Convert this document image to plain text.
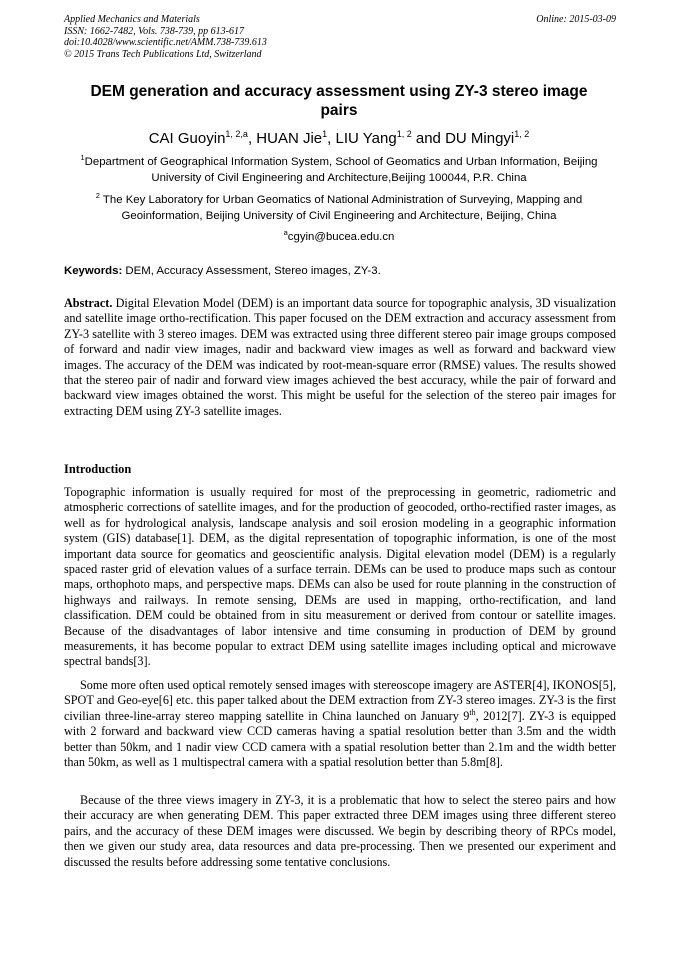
Applied Mechanics and Materials
ISSN: 1662-7482, Vols. 738-739, pp 613-617
doi:10.4028/www.scientific.net/AMM.738-739.613
© 2015 Trans Tech Publications Ltd, Switzerland
Online: 2015-03-09
DEM generation and accuracy assessment using ZY-3 stereo image pairs
CAI Guoyin$^{1, 2,a}$, HUAN Jie$^1$, LIU Yang$^{1, 2}$ and DU Mingyi$^{1, 2}$
$^1$Department of Geographical Information System, School of Geomatics and Urban Information, Beijing University of Civil Engineering and Architecture,Beijing 100044, P.R. China
$^2$ The Key Laboratory for Urban Geomatics of National Administration of Surveying, Mapping and Geoinformation, Beijing University of Civil Engineering and Architecture, Beijing, China
$^a$cgyin@bucea.edu.cn
Keywords: DEM, Accuracy Assessment, Stereo images, ZY-3.

Abstract. Digital Elevation Model (DEM) is an important data source for topographic analysis, 3D visualization and satellite image ortho-rectification. This paper focused on the DEM extraction and accuracy assessment from ZY-3 satellite with 3 stereo images. DEM was extracted using three different stereo pair image groups composed of forward and nadir view images, nadir and backward view images as well as forward and backward view images. The accuracy of the DEM was indicated by root-mean-square error (RMSE) values. The results showed that the stereo pair of nadir and forward view images achieved the best accuracy, while the pair of forward and backward view images obtained the worst. This might be useful for the selection of the stereo pair images for extracting DEM using ZY-3 satellite images.

Introduction

Topographic information is usually required for most of the preprocessing in geometric, radiometric and atmospheric corrections of satellite images, and for the production of geocoded, ortho-rectified raster images, as well as for hydrological analysis, landscape analysis and soil erosion modeling in a geographic information system (GIS) database[1]. DEM, as the digital representation of topographic information, is one of the most important data source for geomatics and geoscientific analysis. Digital elevation model (DEM) is a regularly spaced raster grid of elevation values of a surface terrain. DEMs can be used to produce maps such as contour maps, orthophoto maps, and perspective maps. DEMs can also be used for route planning in the construction of highways and railways. In remote sensing, DEMs are used in mapping, ortho-rectification, and land classification. DEM could be obtained from in situ measurement or derived from contour or satellite images. Because of the disadvantages of labor intensive and time consuming in production of DEM by ground measurements, it has become popular to extract DEM using satellite images including optical and microwave spectral bands[3].

Some more often used optical remotely sensed images with stereoscope imagery are ASTER[4], IKONOS[5], SPOT and Geo-eye[6] etc. this paper talked about the DEM extraction from ZY-3 stereo images. ZY-3 is the first civilian three-line-array stereo mapping satellite in China launched on January 9th, 2012[7]. ZY-3 is equipped with 2 forward and backward view CCD cameras having a spatial resolution better than 3.5m and the width better than 50km, and 1 nadir view CCD camera with a spatial resolution better than 2.1m and the width better than 50km, as well as 1 multispectral camera with a spatial resolution better than 5.8m[8].

Because of the three views imagery in ZY-3, it is a problematic that how to select the stereo pairs and how their accuracy are when generating DEM. This paper extracted three DEM images using three different stereo pairs, and the accuracy of these DEM images were discussed. We begin by describing theory of RPCs model, then we given our study area, data resources and data pre-processing. Then we presented our experiment and discussed the results before addressing some tentative conclusions.
